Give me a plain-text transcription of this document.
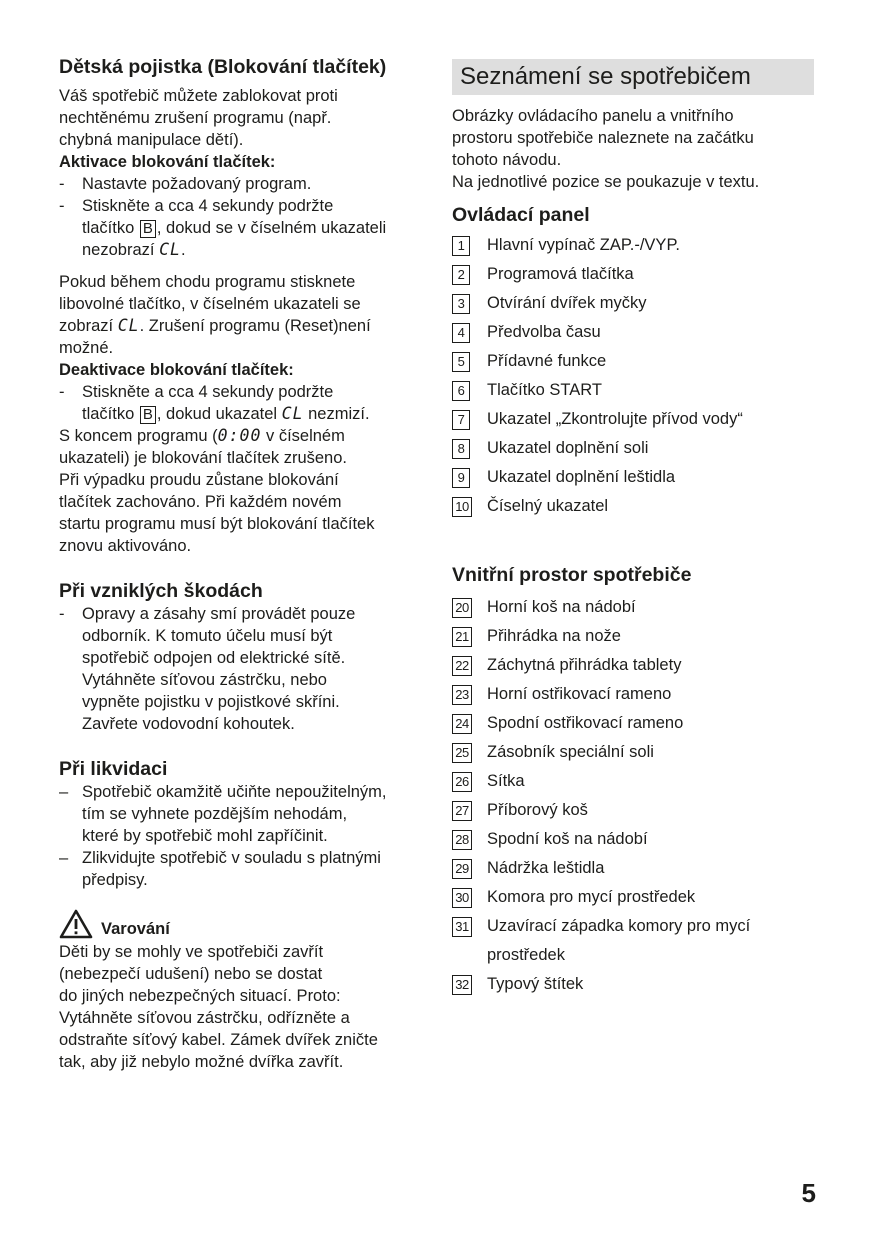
Dětská pojistka (Blokování tlačítek)

Váš spotřebič můžete zablokovat proti

nechtěnému zrušení programu (např.

chybná manipulace dětí).

Aktivace blokování tlačítek:

-	Nastavte požadovaný program.
-	Stiskněte a cca 4 sekundy podržte
tlačítko B , dokud se v číselném ukazateli
nezobrazí CL.

Pokud během chodu programu stisknete

libovolné tlačítko, v číselném ukazateli se

zobrazí CL. Zrušení programu (Reset)není

možné.

Deaktivace blokování tlačítek:

-	Stiskněte a cca 4 sekundy podržte
tlačítko B , dokud ukazatel CL nezmizí.

S koncem programu (0:00 v číselném

ukazateli) je blokování tlačítek zrušeno.

Při výpadku proudu zůstane blokování

tlačítek zachováno. Při každém novém

startu programu musí být blokování tlačítek

znovu aktivováno.

Při vzniklých škodách
-	Opravy a zásahy smí provádět pouze
odborník. K tomuto účelu musí být
spotřebič odpojen od elektrické sítě.
Vytáhněte síťovou zástrčku, nebo
vypněte pojistku v pojistkové skříni.
Zavřete vodovodní kohoutek.
Při likvidaci
– Spotřebič okamžitě učiňte nepoužitelným,
tím se vyhnete pozdějším nehodám,
které by spotřebič mohl zapříčinit.
– Zlikvidujte spotřebič v souladu s platnými
předpisy.
Varování

Děti by se mohly ve spotřebiči zavřít

(nebezpečí udušení) nebo se dostat

do jiných nebezpečných situací. Proto:

Vytáhněte síťovou zástrčku, odřízněte a

odstraňte síťový kabel. Zámek dvířek zničte

tak, aby již nebylo možné dvířka zavřít.

Seznámení se spotřebičem

Obrázky ovládacího panelu a vnitřního

prostoru spotřebiče naleznete na začátku

tohoto návodu.

Na jednotlivé pozice se poukazuje v textu.

Ovládací panel
1	Hlavní vypínač ZAP.-/VYP.
2	Programová tlačítka
3	Otvírání dvířek myčky
4	Předvolba času
5	Přídavné funkce
6	Tlačítko START
7	Ukazatel „Zkontrolujte přívod vody“
8	Ukazatel doplnění soli
9	Ukazatel doplnění leštidla
10 Číselný ukazatel
Vnitřní prostor spotřebiče
20 Horní koš na nádobí
21 Přihrádka na nože
22 Záchytná přihrádka tablety
23 Horní ostřikovací rameno
24 Spodní ostřikovací rameno
25 Zásobník speciální soli
26 Sítka
27 Příborový koš
28 Spodní koš na nádobí
29 Nádržka leštidla
30 Komora pro mycí prostředek
31 Uzavírací západka komory pro mycí
prostředek
32 Typový štítek
5
